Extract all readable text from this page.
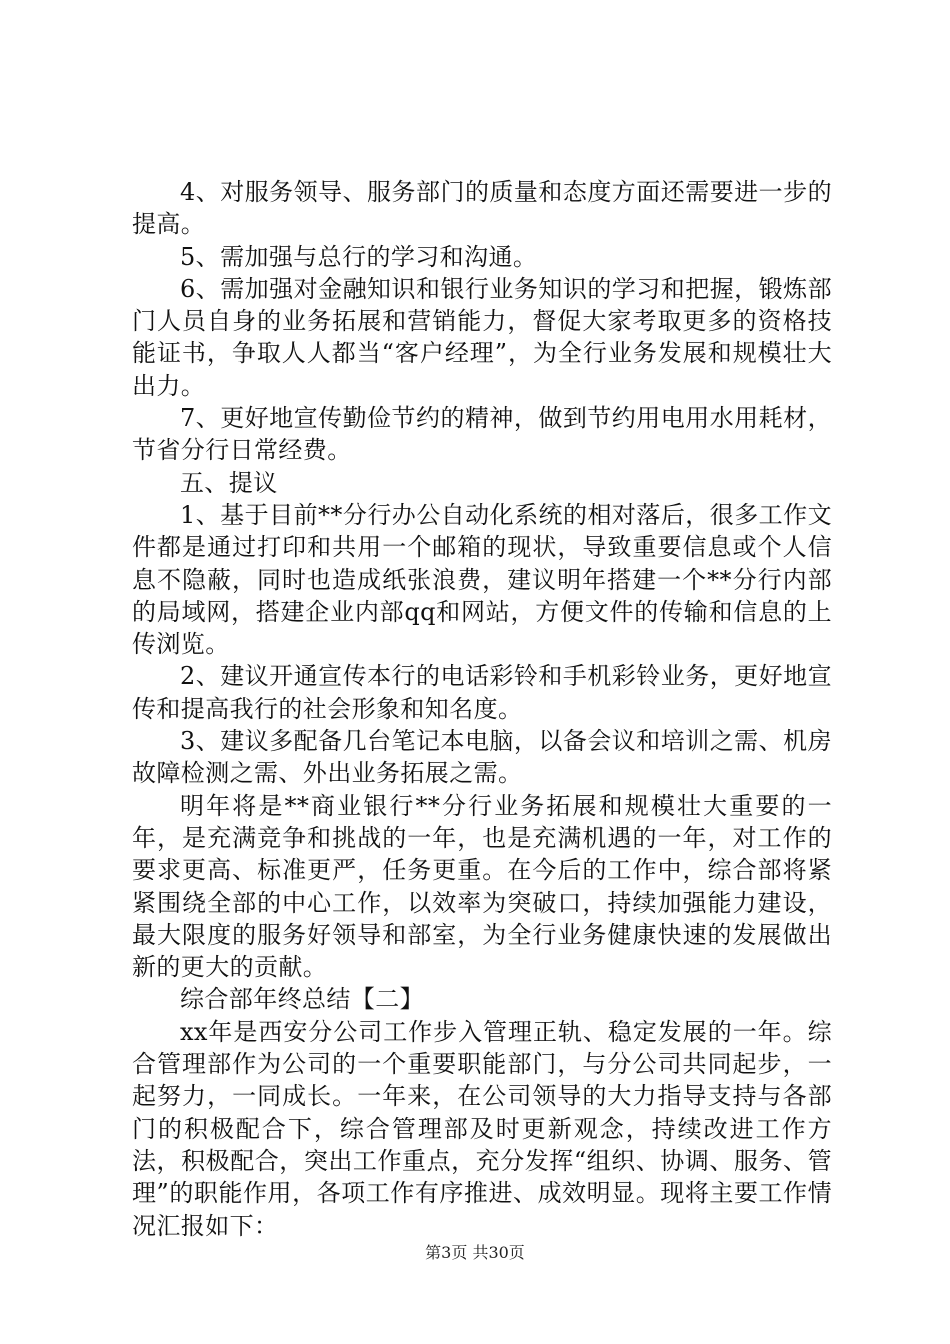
4、对服务领导、服务部门的质量和态度方面还需要进一步的提高。

5、需加强与总行的学习和沟通。

6、需加强对金融知识和银行业务知识的学习和把握，锻炼部门人员自身的业务拓展和营销能力，督促大家考取更多的资格技能证书，争取人人都当“客户经理”，为全行业务发展和规模壮大出力。

7、更好地宣传勤俭节约的精神，做到节约用电用水用耗材，节省分行日常经费。

五、提议

1、基于目前**分行办公自动化系统的相对落后，很多工作文件都是通过打印和共用一个邮箱的现状，导致重要信息或个人信息不隐蔽，同时也造成纸张浪费，建议明年搭建一个**分行内部的局域网，搭建企业内部qq和网站，方便文件的传输和信息的上传浏览。

2、建议开通宣传本行的电话彩铃和手机彩铃业务，更好地宣传和提高我行的社会形象和知名度。

3、建议多配备几台笔记本电脑，以备会议和培训之需、机房故障检测之需、外出业务拓展之需。

明年将是**商业银行**分行业务拓展和规模壮大重要的一年，是充满竞争和挑战的一年，也是充满机遇的一年，对工作的要求更高、标准更严，任务更重。在今后的工作中，综合部将紧紧围绕全部的中心工作，以效率为突破口，持续加强能力建设，最大限度的服务好领导和部室，为全行业务健康快速的发展做出新的更大的贡献。

综合部年终总结【二】

xx年是西安分公司工作步入管理正轨、稳定发展的一年。综合管理部作为公司的一个重要职能部门，与分公司共同起步，一起努力，一同成长。一年来，在公司领导的大力指导支持与各部门的积极配合下，综合管理部及时更新观念，持续改进工作方法，积极配合，突出工作重点，充分发挥“组织、协调、服务、管理”的职能作用，各项工作有序推进、成效明显。现将主要工作情况汇报如下：

第3页 共30页
